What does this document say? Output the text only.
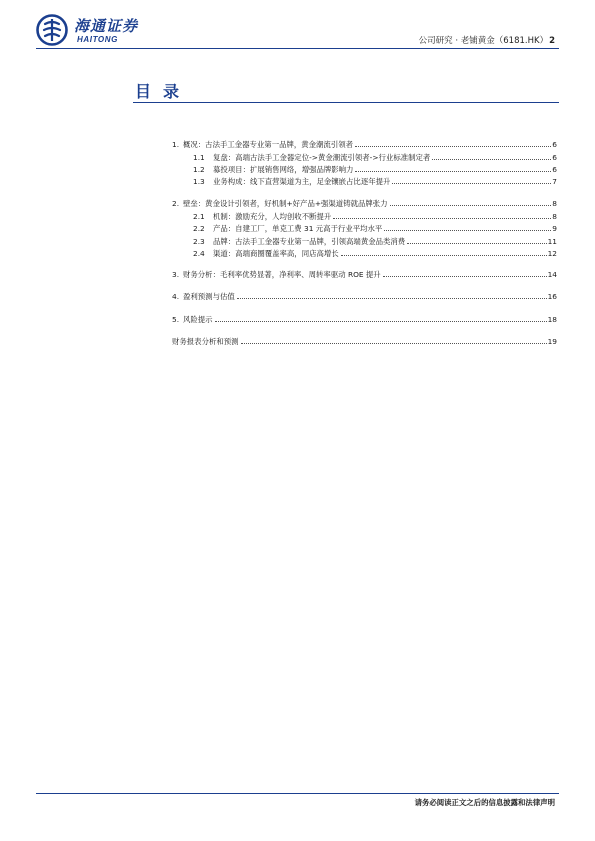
海通证券
HAITONG	公司研究 · 老铺黄金（6181.HK）2
目录
1. 概况：古法手工金器专业第一品牌，黄金潮流引领者	6
1.1	复盘：高端古法手工金器定位->黄金潮流引领者->行业标准制定者	6
1.2	募投项目：扩展销售网络，增强品牌影响力	6
1.3	业务构成：线下直营渠道为主，足金镶嵌占比逐年提升	7
2. 壁垒：黄金设计引领者，好机制+好产品+强渠道铸就品牌张力	8
2.1	机制：激励充分，人均创收不断提升	8
2.2	产品：自建工厂，单克工费 31 元高于行业平均水平	9
2.3	品牌：古法手工金器专业第一品牌，引领高端黄金品类消费	11
2.4	渠道：高端商圈覆盖率高，同店高增长	12
3. 财务分析：毛利率优势显著，净利率、周转率驱动 ROE 提升	14
4. 盈利预测与估值	16
5. 风险提示	18
财务报表分析和预测	19
请务必阅读正文之后的信息披露和法律声明
